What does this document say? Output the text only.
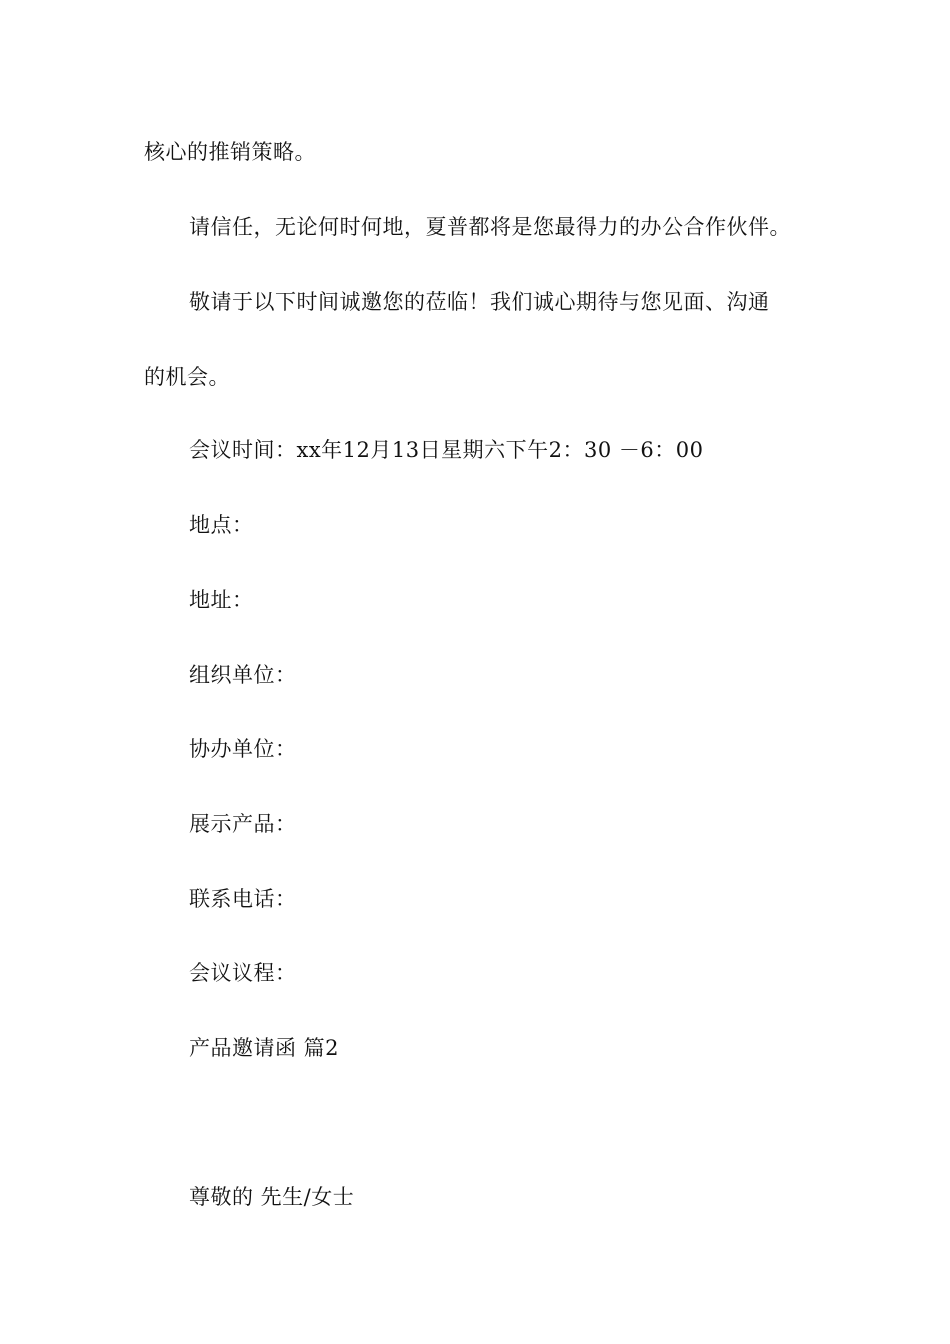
核心的推销策略。
请信任，无论何时何地，夏普都将是您最得力的办公合作伙伴。
敬请于以下时间诚邀您的莅临！我们诚心期待与您见面、沟通
的机会。
会议时间：xx年12月13日星期六下午2：30 －6：00
地点：
地址：
组织单位：
协办单位：
展示产品：
联系电话：
会议议程：
产品邀请函 篇2
尊敬的 先生/女士
